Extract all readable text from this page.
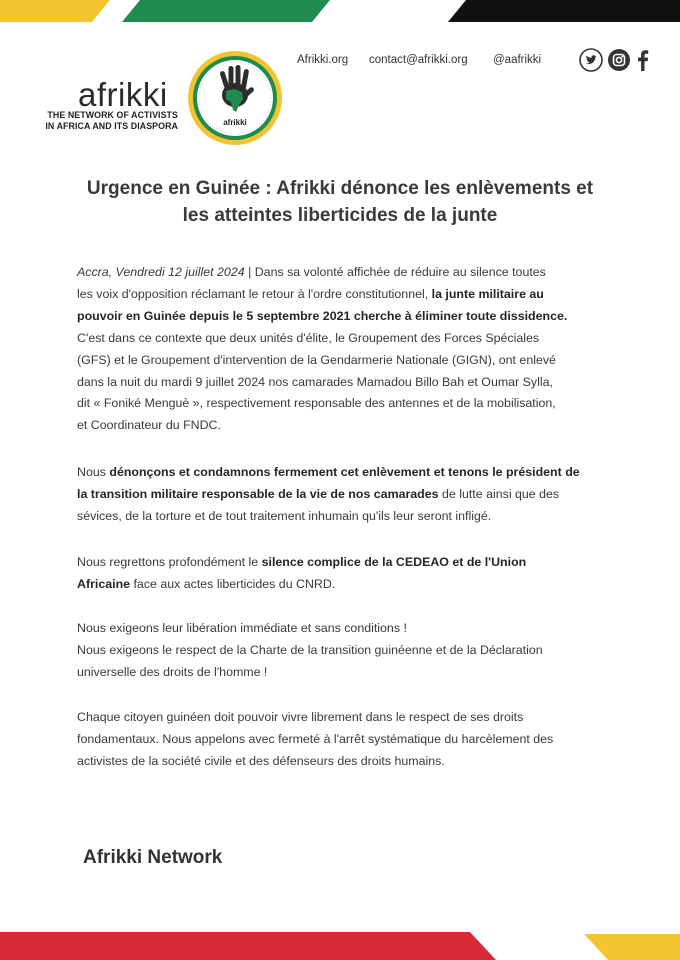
afrikki
THE NETWORK OF ACTIVISTS
IN AFRICA AND ITS DIASPORA	afrikki
Afrikki.org contact@afrikki.org @aafrikki
Urgence en Guinée : Afrikki dénonce les enlèvements et
les atteintes liberticides de la junte

Accra, Vendredi 12 juillet 2024 | Dans sa volonté affichée de réduire au silence toutes
les voix d'opposition réclamant le retour à l'ordre constitutionnel, la junte militaire au
pouvoir en Guinée depuis le 5 septembre 2021 cherche à éliminer toute dissidence.
C'est dans ce contexte que deux unités d'élite, le Groupement des Forces Spéciales
(GFS) et le Groupement d'intervention de la Gendarmerie Nationale (GIGN), ont enlevé
dans la nuit du mardi 9 juillet 2024 nos camarades Mamadou Billo Bah et Oumar Sylla,
dit « Foniké Menguè », respectivement responsable des antennes et de la mobilisation,
et Coordinateur du FNDC.

Nous dénonçons et condamnons fermement cet enlèvement et tenons le président de
la transition militaire responsable de la vie de nos camarades de lutte ainsi que des
sévices, de la torture et de tout traitement inhumain qu'ils leur seront infligé.

Nous regrettons profondément le silence complice de la CEDEAO et de l'Union
Africaine face aux actes liberticides du CNRD.

Nous exigeons leur libération immédiate et sans conditions !
Nous exigeons le respect de la Charte de la transition guinéenne et de la Déclaration
universelle des droits de l'homme !

Chaque citoyen guinéen doit pouvoir vivre librement dans le respect de ses droits
fondamentaux. Nous appelons avec fermeté à l'arrêt systématique du harcèlement des
activistes de la société civile et des défenseurs des droits humains.

Afrikki Network
